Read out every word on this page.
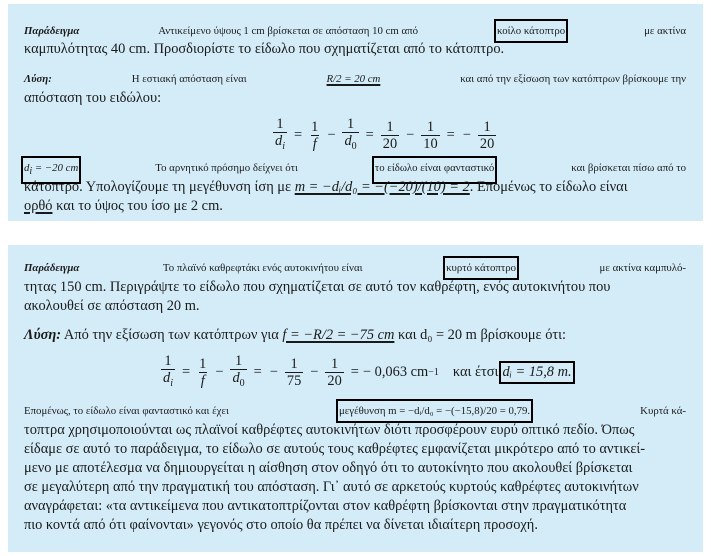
Παράδειγμα	Αντικείμενο ύψους 1 cm βρίσκεται σε απόσταση 10 cm από	κοίλο κάτοπτρο	με ακτίνα
καμπυλότητας 40 cm. Προσδιορίστε το είδωλο που σχηματίζεται από το κάτοπτρο.
Λύση:	Η εστιακή απόσταση είναι	R/2 = 20 cm	και από την εξίσωση των κατόπτρων βρίσκουμε την
απόσταση του ειδώλου:
$\frac{1}{d_i} = \frac{1}{f} - \frac{1}{d_0} = \frac{1}{20} - \frac{1}{10}$ = − $\frac{1}{20}$
$d_i = -20$ cm	Το αρνητικό πρόσημο δείχνει ότι	το είδωλο είναι φανταστικό	και βρίσκεται πίσω από το
κάτοπτρο. Υπολογίζουμε τη μεγέθυνση ίση με m = −dᵢ/d₀ = −(−20)/(10) = 2. Επομένως το είδωλο είναι
ορθό και το ύψος του ίσο με 2 cm.
Παράδειγμα	Το πλαϊνό καθρεφτάκι ενός αυτοκινήτου είναι	κυρτό κάτοπτρο	με ακτίνα καμπυλό-
τητας 150 cm. Περιγράψτε το είδωλο που σχηματίζεται σε αυτό τον καθρέφτη, ενός αυτοκινήτου που
ακολουθεί σε απόσταση 20 m.
Λύση: Από την εξίσωση των κατόπτρων για f = −R/2 = −75 cm και d₀ = 20 m βρίσκουμε ότι:
$\frac{1}{d_i} = \frac{1}{f} - \frac{1}{d_0}$ = − $\frac{1}{75} - \frac{1}{20}$ = − 0,063 cm −1 και έτσι dᵢ = 15,8 m.
Επομένως, το είδωλο είναι φανταστικό και έχει	μεγέθυνση m = −dᵢ/d₀ = −(−15,8)/20 = 0,79.	Κυρτά κά-
τοπτρα χρησιμοποιούνται ως πλαϊνοί καθρέφτες αυτοκινήτων διότι προσφέρουν ευρύ οπτικό πεδίο. Όπως
είδαμε σε αυτό το παράδειγμα, το είδωλο σε αυτούς τους καθρέφτες εμφανίζεται μικρότερο από το αντικεί-
μενο με αποτέλεσμα να δημιουργείται η αίσθηση στον οδηγό ότι το αυτοκίνητο που ακολουθεί βρίσκεται
σε μεγαλύτερη από την πραγματική του απόσταση. Γι᾽ αυτό σε αρκετούς κυρτούς καθρέφτες αυτοκινήτων
αναγράφεται: «τα αντικείμενα που αντικατοπτρίζονται στον καθρέφτη βρίσκονται στην πραγματικότητα
πιο κοντά από ότι φαίνονται» γεγονός στο οποίο θα πρέπει να δίνεται ιδιαίτερη προσοχή.
